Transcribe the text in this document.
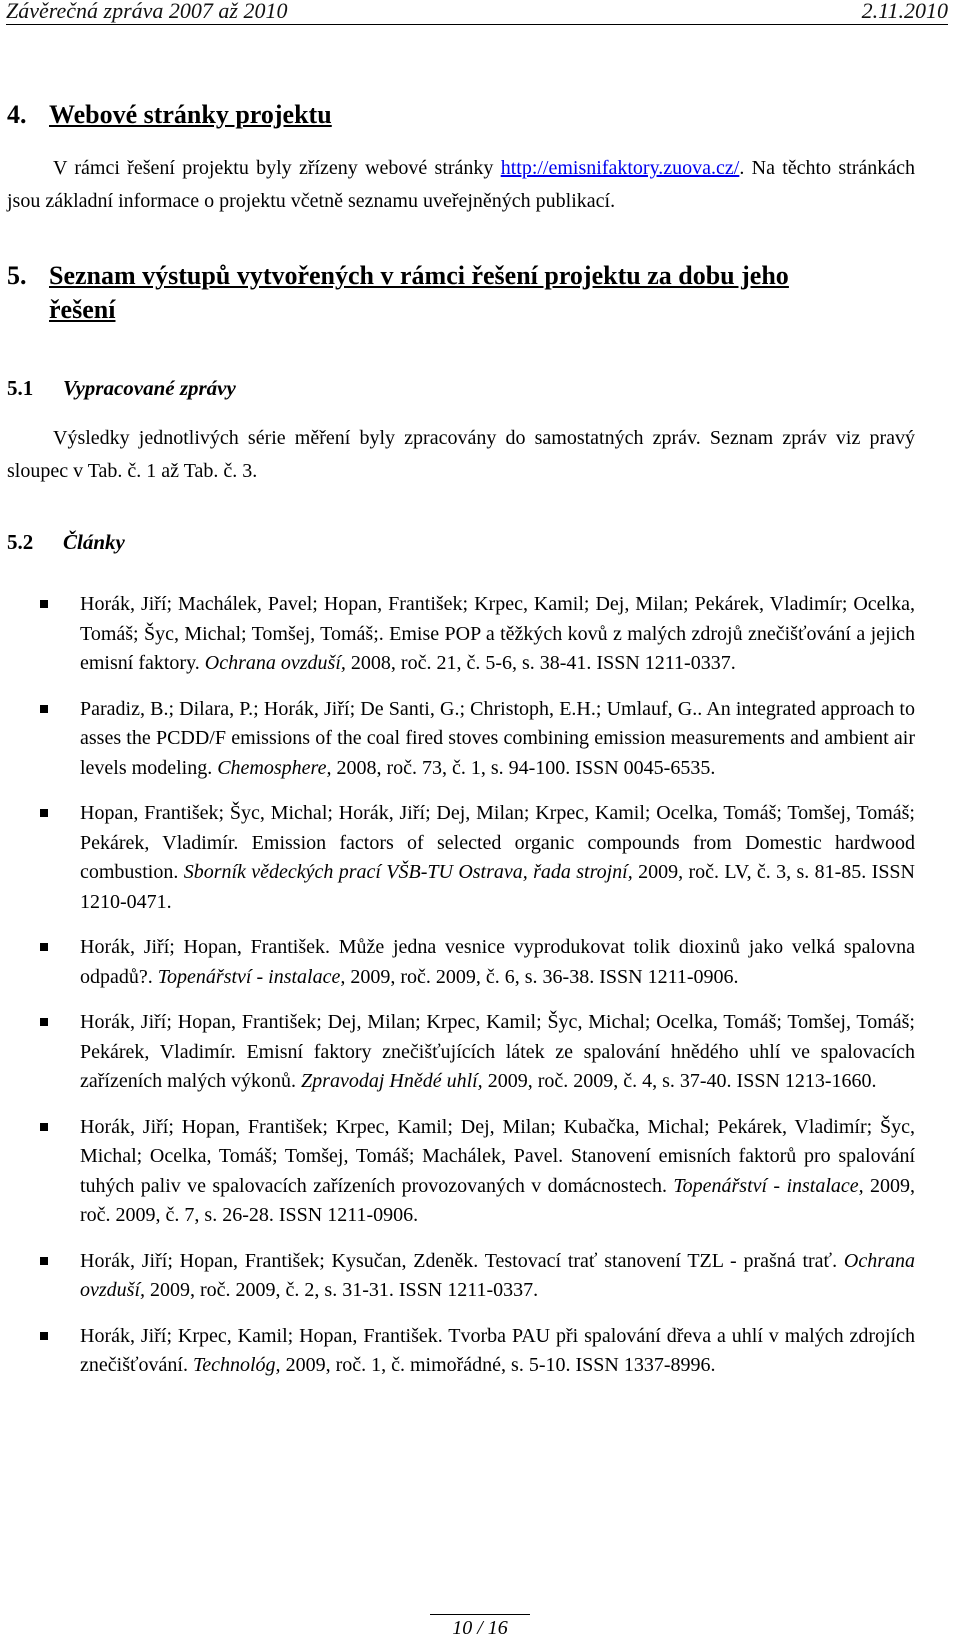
Závěrečná zpráva 2007 až 2010	2.11.2010
4. Webové stránky projektu
V rámci řešení projektu byly zřízeny webové stránky http://emisnifaktory.zuova.cz/. Na těchto stránkách jsou základní informace o projektu včetně seznamu uveřejněných publikací.
5. Seznam výstupů vytvořených v rámci řešení projektu za dobu jeho
řešení
5.1 Vypracované zprávy
Výsledky jednotlivých série měření byly zpracovány do samostatných zpráv. Seznam zpráv viz pravý sloupec v Tab. č. 1 až Tab. č. 3.
5.2 Články
Horák, Jiří; Machálek, Pavel; Hopan, František; Krpec, Kamil; Dej, Milan; Pekárek, Vladimír; Ocelka, Tomáš; Šyc, Michal; Tomšej, Tomáš;. Emise POP a těžkých kovů z malých zdrojů znečišťování a jejich emisní faktory. Ochrana ovzduší, 2008, roč. 21, č. 5-6, s. 38-41. ISSN 1211-0337.
Paradiz, B.; Dilara, P.; Horák, Jiří; De Santi, G.; Christoph, E.H.; Umlauf, G.. An integrated approach to asses the PCDD/F emissions of the coal fired stoves combining emission measurements and ambient air levels modeling. Chemosphere, 2008, roč. 73, č. 1, s. 94-100. ISSN 0045-6535.
Hopan, František; Šyc, Michal; Horák, Jiří; Dej, Milan; Krpec, Kamil; Ocelka, Tomáš; Tomšej, Tomáš; Pekárek, Vladimír. Emission factors of selected organic compounds from Domestic hardwood combustion. Sborník vědeckých prací VŠB-TU Ostrava, řada strojní, 2009, roč. LV, č. 3, s. 81-85. ISSN 1210-0471.
Horák, Jiří; Hopan, František. Může jedna vesnice vyprodukovat tolik dioxinů jako velká spalovna odpadů?. Topenářství - instalace, 2009, roč. 2009, č. 6, s. 36-38. ISSN 1211-0906.
Horák, Jiří; Hopan, František; Dej, Milan; Krpec, Kamil; Šyc, Michal; Ocelka, Tomáš; Tomšej, Tomáš; Pekárek, Vladimír. Emisní faktory znečišťujících látek ze spalování hnědého uhlí ve spalovacích zařízeních malých výkonů. Zpravodaj Hnědé uhlí, 2009, roč. 2009, č. 4, s. 37-40. ISSN 1213-1660.
Horák, Jiří; Hopan, František; Krpec, Kamil; Dej, Milan; Kubačka, Michal; Pekárek, Vladimír; Šyc, Michal; Ocelka, Tomáš; Tomšej, Tomáš; Machálek, Pavel. Stanovení emisních faktorů pro spalování tuhých paliv ve spalovacích zařízeních provozovaných v domácnostech. Topenářství - instalace, 2009, roč. 2009, č. 7, s. 26-28. ISSN 1211-0906.
Horák, Jiří; Hopan, František; Kysučan, Zdeněk. Testovací trať stanovení TZL - prašná trať. Ochrana ovzduší, 2009, roč. 2009, č. 2, s. 31-31. ISSN 1211-0337.
Horák, Jiří; Krpec, Kamil; Hopan, František. Tvorba PAU při spalování dřeva a uhlí v malých zdrojích znečišťování. Technológ, 2009, roč. 1, č. mimořádné, s. 5-10. ISSN 1337-8996.
10 / 16
